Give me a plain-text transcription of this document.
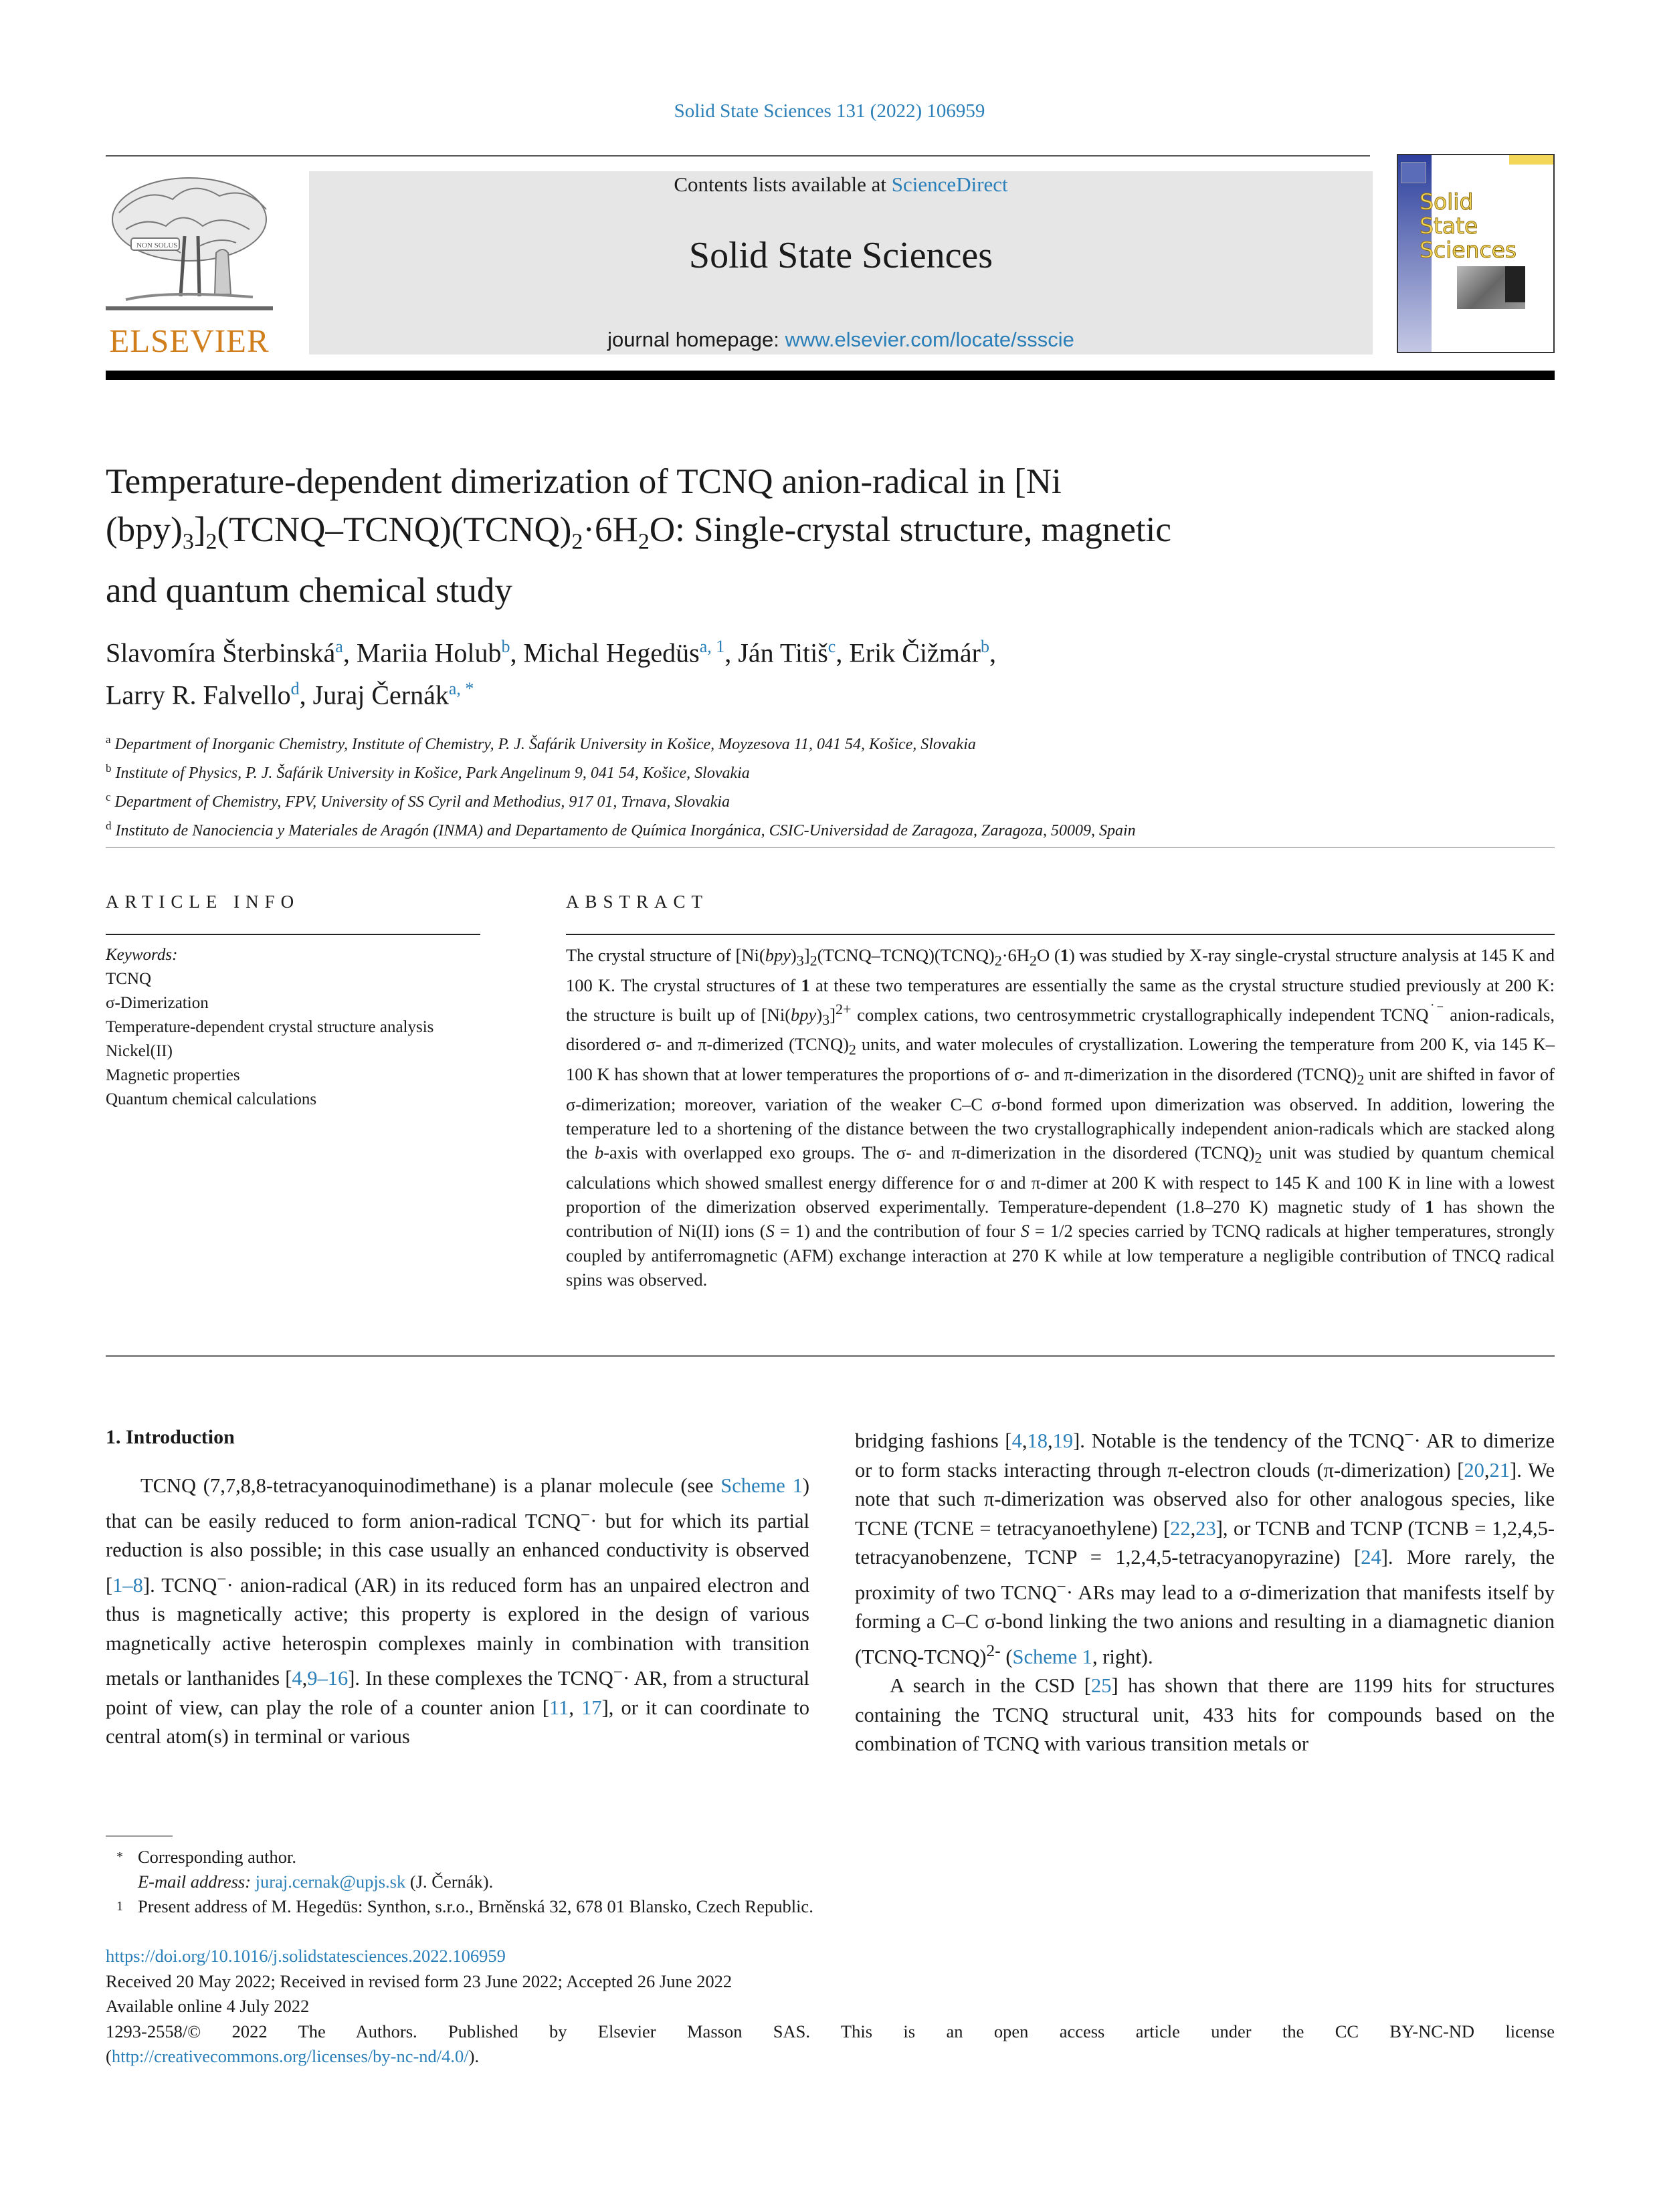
Solid State Sciences 131 (2022) 106959
NON SOLUS
ELSEVIER
Contents lists available at ScienceDirect
Solid State Sciences
journal homepage: www.elsevier.com/locate/ssscie
Solid
State
Sciences
Temperature-dependent dimerization of TCNQ anion-radical in [Ni
$(bpy)_3]_2(TCNQ-TCNQ)(TCNQ)_2\cdot 6H_2O$: Single-crystal structure, magnetic
and quantum chemical study
Slavomíra Šterbinská$^a$, Mariia Holub$^b$, Michal Hegedüs$^{a, 1}$, Ján Titiš$^c$, Erik Čižmár$^b$,
Larry R. Falvello$^d$, Juraj Černák$^{a, *}$
$^a$ Department of Inorganic Chemistry, Institute of Chemistry, P. J. Šafárik University in Košice, Moyzesova 11, 041 54, Košice, Slovakia
$^b$ Institute of Physics, P. J. Šafárik University in Košice, Park Angelinum 9, 041 54, Košice, Slovakia
$^c$ Department of Chemistry, FPV, University of SS Cyril and Methodius, 917 01, Trnava, Slovakia
$^d$ Instituto de Nanociencia y Materiales de Aragón (INMA) and Departamento de Química Inorgánica, CSIC-Universidad de Zaragoza, Zaragoza, 50009, Spain
ARTICLE INFO
Keywords:
TCNQ
σ-Dimerization
Temperature-dependent crystal structure analysis
Nickel(II)
Magnetic properties
Quantum chemical calculations
ABSTRACT
The crystal structure of $[Ni(bpy)_3]_2(TCNQ-TCNQ)(TCNQ)_2\cdot 6H_2O$ (1) was studied by X-ray single-crystal structure analysis at 145 K and 100 K. The crystal structures of 1 at these two temperatures are essentially the same as the crystal structure studied previously at 200 K: the structure is built up of $[Ni(bpy)_3]^{2+}$ complex cations, two centrosymmetric crystallographically independent TCNQ˙⁻ anion-radicals, disordered σ- and π-dimerized $(TCNQ)_2$ units, and water molecules of crystallization. Lowering the temperature from 200 K, via 145 K–100 K has shown that at lower temperatures the proportions of σ- and π-dimerization in the disordered $(TCNQ)_2$ unit are shifted in favor of σ-dimerization; moreover, variation of the weaker C–C σ-bond formed upon dimerization was observed. In addition, lowering the temperature led to a shortening of the distance between the two crystallographically independent anion-radicals which are stacked along the b-axis with overlapped exo groups. The σ- and π-dimerization in the disordered $(TCNQ)_2$ unit was studied by quantum chemical calculations which showed smallest energy difference for σ and π-dimer at 200 K with respect to 145 K and 100 K in line with a lowest proportion of the dimerization observed experimentally. Temperature-dependent (1.8–270 K) magnetic study of 1 has shown the contribution of Ni(II) ions (S = 1) and the contribution of four S = 1/2 species carried by TCNQ radicals at higher temperatures, strongly coupled by antiferromagnetic (AFM) exchange interaction at 270 K while at low temperature a negligible contribution of TNCQ radical spins was observed.
1. Introduction

TCNQ (7,7,8,8-tetracyanoquinodimethane) is a planar molecule (see Scheme 1) that can be easily reduced to form anion-radical TCNQ−· but for which its partial reduction is also possible; in this case usually an enhanced conductivity is observed [1–8]. TCNQ−· anion-radical (AR) in its reduced form has an unpaired electron and thus is magnetically active; this property is explored in the design of various magnetically active heterospin complexes mainly in combination with transition metals or lanthanides [4,9–16]. In these complexes the TCNQ−· AR, from a structural point of view, can play the role of a counter anion [11, 17], or it can coordinate to central atom(s) in terminal or various

bridging fashions [4,18,19]. Notable is the tendency of the TCNQ−· AR to dimerize or to form stacks interacting through π-electron clouds (π-dimerization) [20,21]. We note that such π-dimerization was observed also for other analogous species, like TCNE (TCNE = tetracyanoethylene) [22,23], or TCNB and TCNP (TCNB = 1,2,4,5-tetracyanobenzene, TCNP = 1,2,4,5-tetracyanopyrazine) [24]. More rarely, the proximity of two TCNQ−· ARs may lead to a σ-dimerization that manifests itself by forming a C–C σ-bond linking the two anions and resulting in a diamagnetic dianion (TCNQ-TCNQ)$^{2-}$ (Scheme 1, right).

A search in the CSD [25] has shown that there are 1199 hits for structures containing the TCNQ structural unit, 433 hits for compounds based on the combination of TCNQ with various transition metals or

* Corresponding author.
E-mail address: juraj.cernak@upjs.sk (J. Černák).
1 Present address of M. Hegedüs: Synthon, s.r.o., Brněnská 32, 678 01 Blansko, Czech Republic.
https://doi.org/10.1016/j.solidstatesciences.2022.106959
Received 20 May 2022; Received in revised form 23 June 2022; Accepted 26 June 2022
Available online 4 July 2022
1293-2558/© 2022 The Authors. Published by Elsevier Masson SAS. This is an open access article under the CC BY-NC-ND license
(http://creativecommons.org/licenses/by-nc-nd/4.0/).
